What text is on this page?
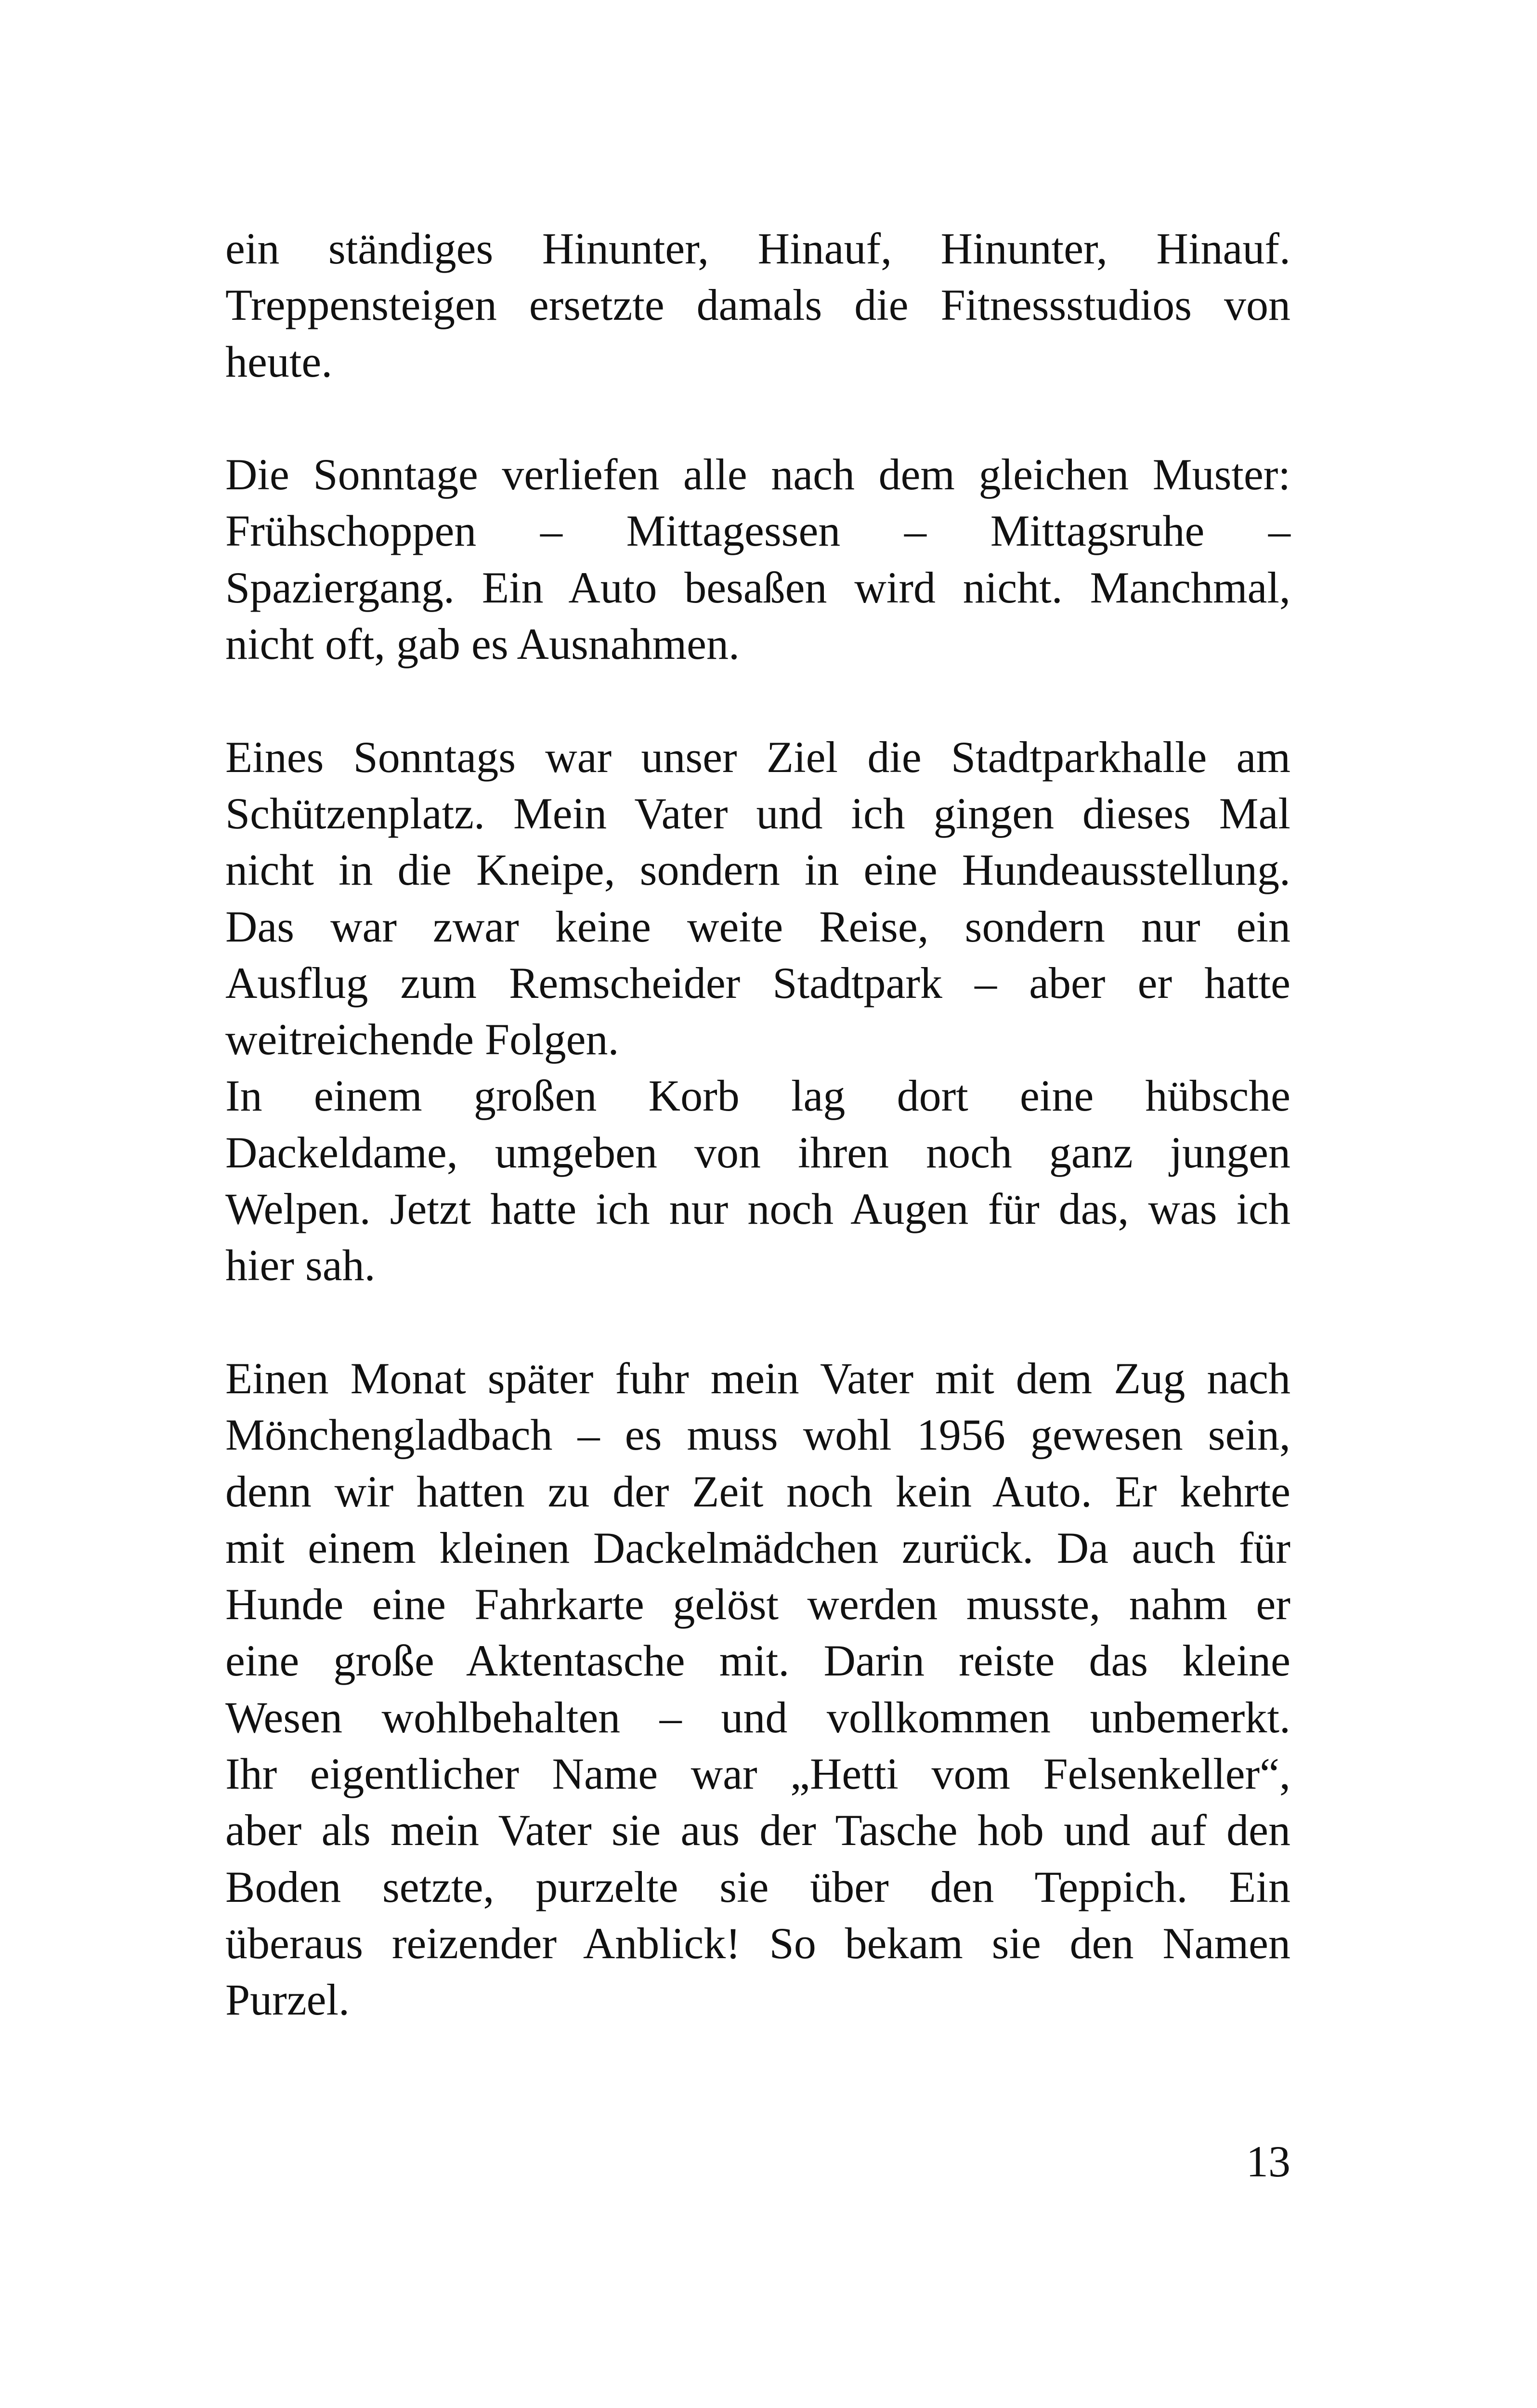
ein ständiges Hinunter, Hinauf, Hinunter, Hinauf.
Treppensteigen ersetzte damals die Fitnessstudios von
heute.

Die Sonntage verliefen alle nach dem gleichen Muster:
Frühschoppen – Mittagessen – Mittagsruhe –
Spaziergang. Ein Auto besaßen wird nicht. Manchmal,
nicht oft, gab es Ausnahmen.

Eines Sonntags war unser Ziel die Stadtparkhalle am
Schützenplatz. Mein Vater und ich gingen dieses Mal
nicht in die Kneipe, sondern in eine Hundeausstellung.
Das war zwar keine weite Reise, sondern nur ein
Ausflug zum Remscheider Stadtpark – aber er hatte
weitreichende Folgen.

In einem großen Korb lag dort eine hübsche
Dackeldame, umgeben von ihren noch ganz jungen
Welpen. Jetzt hatte ich nur noch Augen für das, was ich
hier sah.

Einen Monat später fuhr mein Vater mit dem Zug nach
Mönchengladbach – es muss wohl 1956 gewesen sein,
denn wir hatten zu der Zeit noch kein Auto. Er kehrte
mit einem kleinen Dackelmädchen zurück. Da auch für
Hunde eine Fahrkarte gelöst werden musste, nahm er
eine große Aktentasche mit. Darin reiste das kleine
Wesen wohlbehalten – und vollkommen unbemerkt.
Ihr eigentlicher Name war „Hetti vom Felsenkeller“,
aber als mein Vater sie aus der Tasche hob und auf den
Boden setzte, purzelte sie über den Teppich. Ein
überaus reizender Anblick! So bekam sie den Namen
Purzel.

13
